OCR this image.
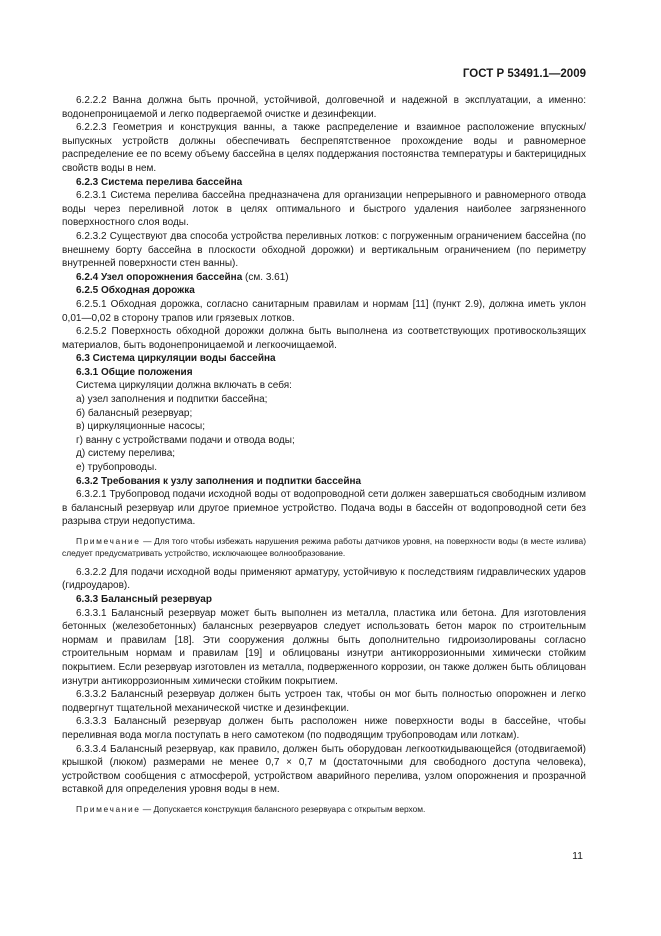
ГОСТ Р 53491.1—2009

6.2.2.2 Ванна должна быть прочной, устойчивой, долговечной и надежной в эксплуатации, а именно: водонепроницаемой и легко подвергаемой очистке и дезинфекции.

6.2.2.3 Геометрия и конструкция ванны, а также распределение и взаимное расположение впускных/выпускных устройств должны обеспечивать беспрепятственное прохождение воды и равномерное распределение ее по всему объему бассейна в целях поддержания постоянства температуры и бактерицидных свойств воды в нем.

6.2.3 Система перелива бассейна

6.2.3.1 Система перелива бассейна предназначена для организации непрерывного и равномерного отвода воды через переливной лоток в целях оптимального и быстрого удаления наиболее загрязненного поверхностного слоя воды.

6.2.3.2 Существуют два способа устройства переливных лотков: с погруженным ограничением бассейна (по внешнему борту бассейна в плоскости обходной дорожки) и вертикальным ограничением (по периметру внутренней поверхности стен ванны).

6.2.4 Узел опорожнения бассейна (см. 3.61)

6.2.5 Обходная дорожка

6.2.5.1 Обходная дорожка, согласно санитарным правилам и нормам [11] (пункт 2.9), должна иметь уклон 0,01—0,02 в сторону трапов или грязевых лотков.

6.2.5.2 Поверхность обходной дорожки должна быть выполнена из соответствующих противоскользящих материалов, быть водонепроницаемой и легкоочищаемой.

6.3 Система циркуляции воды бассейна

6.3.1 Общие положения

Система циркуляции должна включать в себя:

а) узел заполнения и подпитки бассейна;

б) балансный резервуар;

в) циркуляционные насосы;

г) ванну с устройствами подачи и отвода воды;

д) систему перелива;

е) трубопроводы.

6.3.2 Требования к узлу заполнения и подпитки бассейна

6.3.2.1 Трубопровод подачи исходной воды от водопроводной сети должен завершаться свободным изливом в балансный резервуар или другое приемное устройство. Подача воды в бассейн от водопроводной сети без разрыва струи недопустима.

Примечание — Для того чтобы избежать нарушения режима работы датчиков уровня, на поверхности воды (в месте излива) следует предусматривать устройство, исключающее волнообразование.

6.3.2.2 Для подачи исходной воды применяют арматуру, устойчивую к последствиям гидравлических ударов (гидроударов).

6.3.3 Балансный резервуар

6.3.3.1 Балансный резервуар может быть выполнен из металла, пластика или бетона. Для изготовления бетонных (железобетонных) балансных резервуаров следует использовать бетон марок по строительным нормам и правилам [18]. Эти сооружения должны быть дополнительно гидроизолированы согласно строительным нормам и правилам [19] и облицованы изнутри антикоррозионными химически стойким покрытием. Если резервуар изготовлен из металла, подверженного коррозии, он также должен быть облицован изнутри антикоррозионным химически стойким покрытием.

6.3.3.2 Балансный резервуар должен быть устроен так, чтобы он мог быть полностью опорожнен и легко подвергнут тщательной механической чистке и дезинфекции.

6.3.3.3 Балансный резервуар должен быть расположен ниже поверхности воды в бассейне, чтобы переливная вода могла поступать в него самотеком (по подводящим трубопроводам или лоткам).

6.3.3.4 Балансный резервуар, как правило, должен быть оборудован легкооткидывающейся (отодвигаемой) крышкой (люком) размерами не менее 0,7 × 0,7 м (достаточными для свободного доступа человека), устройством сообщения с атмосферой, устройством аварийного перелива, узлом опорожнения и прозрачной вставкой для определения уровня воды в нем.

Примечание — Допускается конструкция балансного резервуара с открытым верхом.

11
